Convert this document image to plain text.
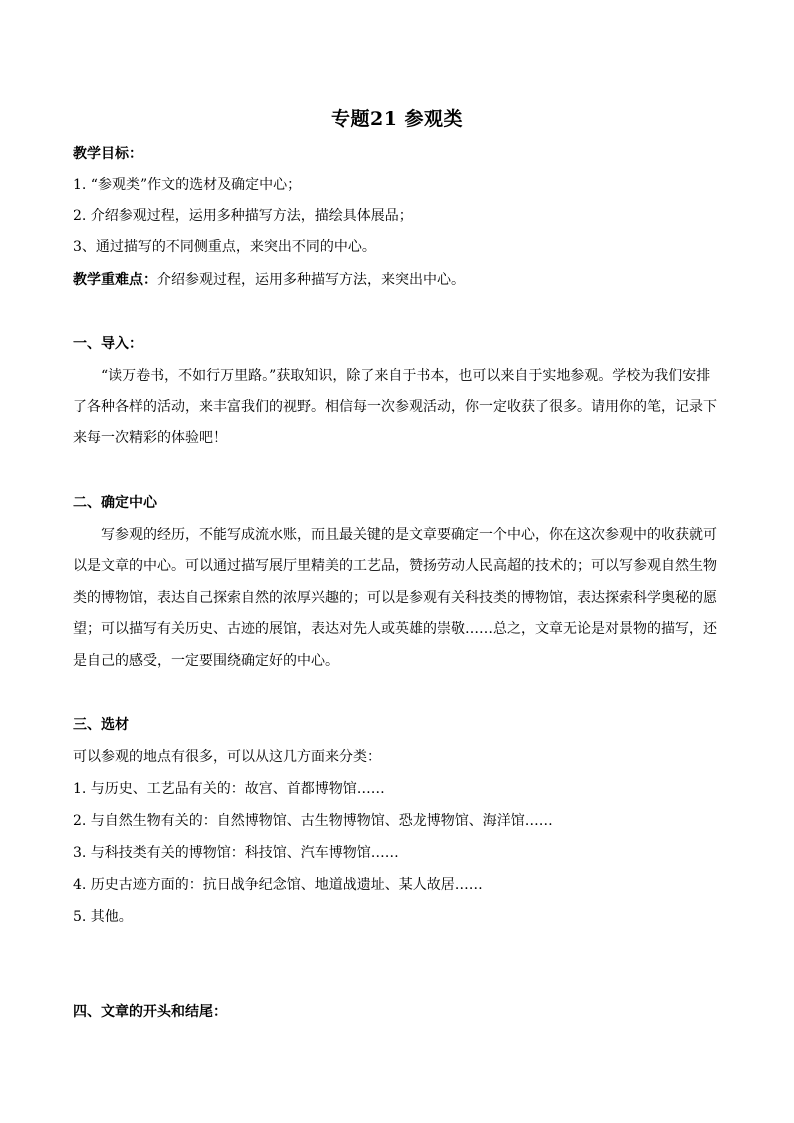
专题21 参观类
教学目标：
1. “参观类”作文的选材及确定中心；
2. 介绍参观过程，运用多种描写方法，描绘具体展品；
3、通过描写的不同侧重点，来突出不同的中心。
教学重难点：介绍参观过程，运用多种描写方法，来突出中心。
一、导入：
“读万卷书，不如行万里路。”获取知识，除了来自于书本，也可以来自于实地参观。学校为我们安排
了各种各样的活动，来丰富我们的视野。相信每一次参观活动，你一定收获了很多。请用你的笔，记录下
来每一次精彩的体验吧！
二、确定中心
写参观的经历，不能写成流水账，而且最关键的是文章要确定一个中心，你在这次参观中的收获就可
以是文章的中心。可以通过描写展厅里精美的工艺品，赞扬劳动人民高超的技术的；可以写参观自然生物
类的博物馆，表达自己探索自然的浓厚兴趣的；可以是参观有关科技类的博物馆，表达探索科学奥秘的愿
望；可以描写有关历史、古迹的展馆，表达对先人或英雄的崇敬……总之，文章无论是对景物的描写，还
是自己的感受，一定要围绕确定好的中心。
三、选材
可以参观的地点有很多，可以从这几方面来分类：
1. 与历史、工艺品有关的：故宫、首都博物馆……
2. 与自然生物有关的：自然博物馆、古生物博物馆、恐龙博物馆、海洋馆……
3. 与科技类有关的博物馆：科技馆、汽车博物馆……
4. 历史古迹方面的：抗日战争纪念馆、地道战遗址、某人故居……
5. 其他。
四、文章的开头和结尾：
